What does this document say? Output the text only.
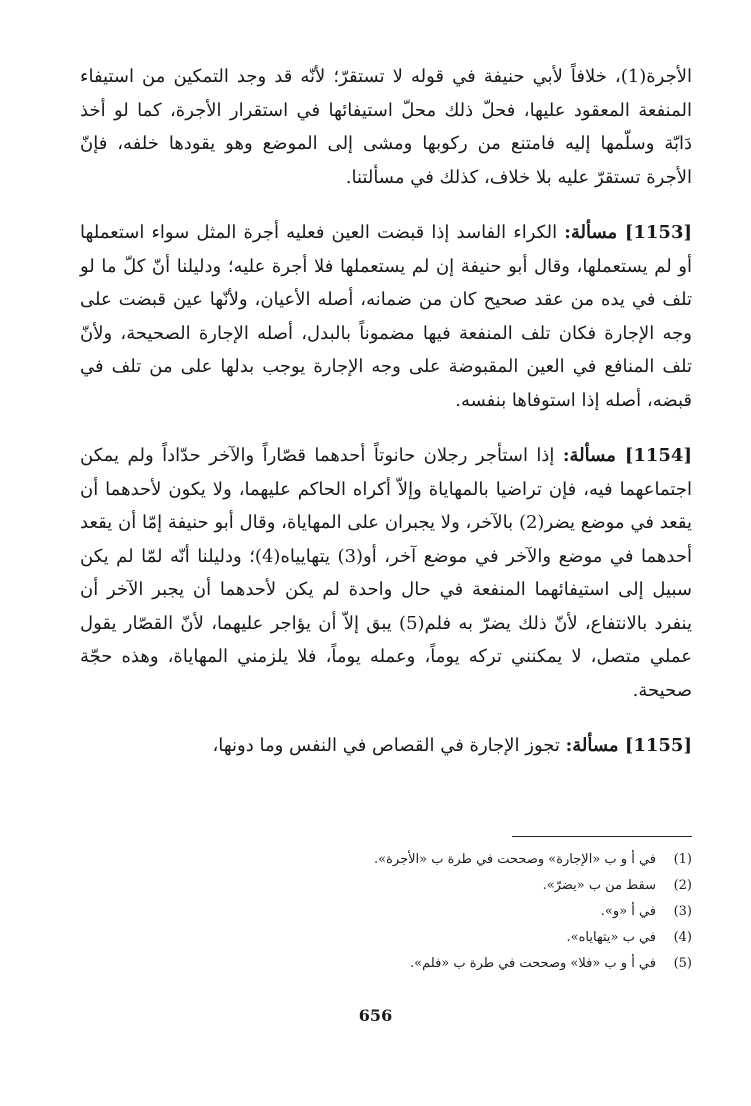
الأجرة(1)، خلافاً لأبي حنيفة في قوله لا تستقرّ؛ لأنّه قد وجد التمكين من استيفاء المنفعة المعقود عليها، فحلّ ذلك محلّ استيفائها في استقرار الأجرة، كما لو أخذ دَابّة وسلّمها إليه فامتنع من ركوبها ومشى إلى الموضع وهو يقودها خلفه، فإنّ الأجرة تستقرّ عليه بلا خلاف، كذلك في مسألتنا.

[1153] مسألة: الكراء الفاسد إذا قبضت العين فعليه أجرة المثل سواء استعملها أو لم يستعملها، وقال أبو حنيفة إن لم يستعملها فلا أجرة عليه؛ ودليلنا أنّ كلّ ما لو تلف في يده من عقد صحيح كان من ضمانه، أصله الأعيان، ولأنّها عين قبضت على وجه الإجارة فكان تلف المنفعة فيها مضموناً بالبدل، أصله الإجارة الصحيحة، ولأنّ تلف المنافع في العين المقبوضة على وجه الإجارة يوجب بدلها على من تلف في قبضه، أصله إذا استوفاها بنفسه.

[1154] مسألة: إذا استأجر رجلان حانوتاً أحدهما قصّاراً والآخر حدّاداً ولم يمكن اجتماعهما فيه، فإن تراضيا بالمهاياة وإلاّ أكراه الحاكم عليهما، ولا يكون لأحدهما أن يقعد في موضع يضر(2) بالآخر، ولا يجبران على المهاياة، وقال أبو حنيفة إمّا أن يقعد أحدهما في موضع والآخر في موضع آخر، أو(3) يتهايياه(4)؛ ودليلنا أنّه لمّا لم يكن سبيل إلى استيفائهما المنفعة في حال واحدة لم يكن لأحدهما أن يجبر الآخر أن ينفرد بالانتفاع، لأنّ ذلك يضرّ به فلم(5) يبق إلاّ أن يؤاجر عليهما، لأنّ القصّار يقول عملي متصل، لا يمكنني تركه يوماً، وعمله يوماً، فلا يلزمني المهاياة، وهذه حجّة صحيحة.

[1155] مسألة: تجوز الإجارة في القصاص في النفس وما دونها،

(1)في أ و ب «الإجارة» وصححت في طرة ب «الأجرة».
(2)سقط من ب «يضرّ».
(3)في أ «و».
(4)في ب «يتهاياه».
(5)في أ و ب «فلا» وصححت في طرة ب «فلم».
656
